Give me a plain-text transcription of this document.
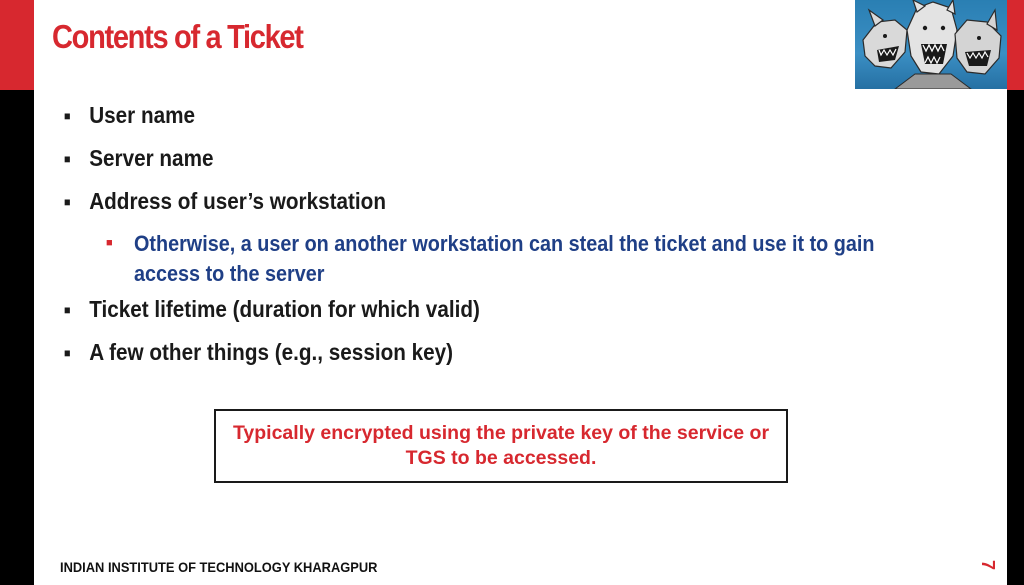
Contents of a Ticket
■ User name
■ Server name
■ Address of user’s workstation
■ Otherwise, a user on another workstation can steal the ticket and use it to gain access to the server
■ Ticket lifetime (duration for which valid)
■ A few other things (e.g., session key)
Typically encrypted using the private key of the service or TGS to be accessed.
INDIAN INSTITUTE OF TECHNOLOGY KHARAGPUR	7
